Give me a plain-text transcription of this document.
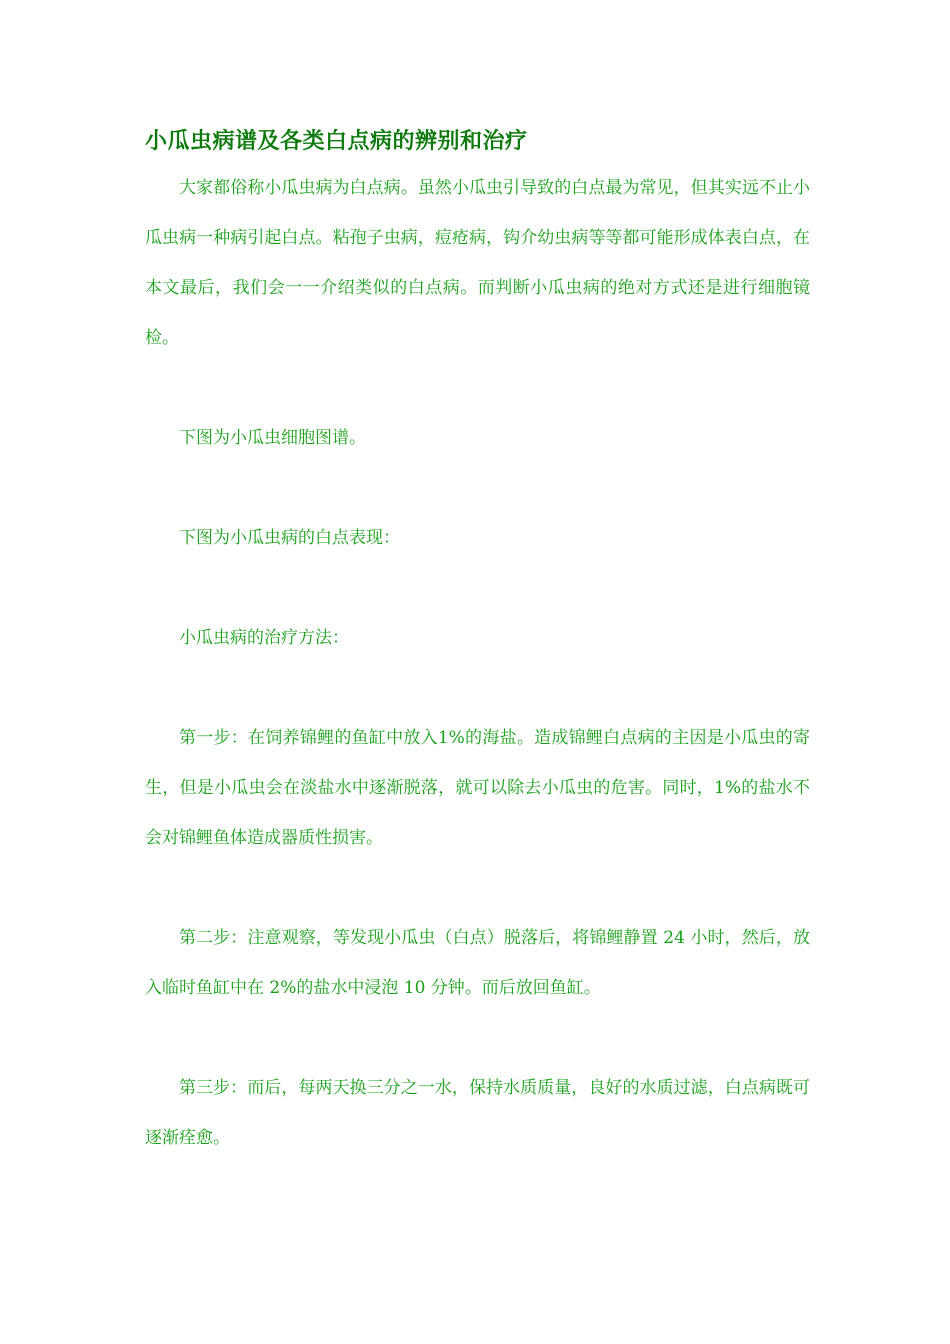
小瓜虫病谱及各类白点病的辨别和治疗

大家都俗称小瓜虫病为白点病。虽然小瓜虫引导致的白点最为常见，但其实远不止小瓜虫病一种病引起白点。粘孢子虫病，痘疮病，钩介幼虫病等等都可能形成体表白点，在本文最后，我们会一一介绍类似的白点病。而判断小瓜虫病的绝对方式还是进行细胞镜检。

下图为小瓜虫细胞图谱。

下图为小瓜虫病的白点表现：

小瓜虫病的治疗方法：

第一步：在饲养锦鲤的鱼缸中放入1%的海盐。造成锦鲤白点病的主因是小瓜虫的寄生，但是小瓜虫会在淡盐水中逐渐脱落，就可以除去小瓜虫的危害。同时，1%的盐水不会对锦鲤鱼体造成器质性损害。

第二步：注意观察，等发现小瓜虫（白点）脱落后，将锦鲤静置 24 小时，然后，放入临时鱼缸中在 2%的盐水中浸泡 10 分钟。而后放回鱼缸。

第三步：而后，每两天换三分之一水，保持水质质量，良好的水质过滤，白点病既可逐渐痊愈。
